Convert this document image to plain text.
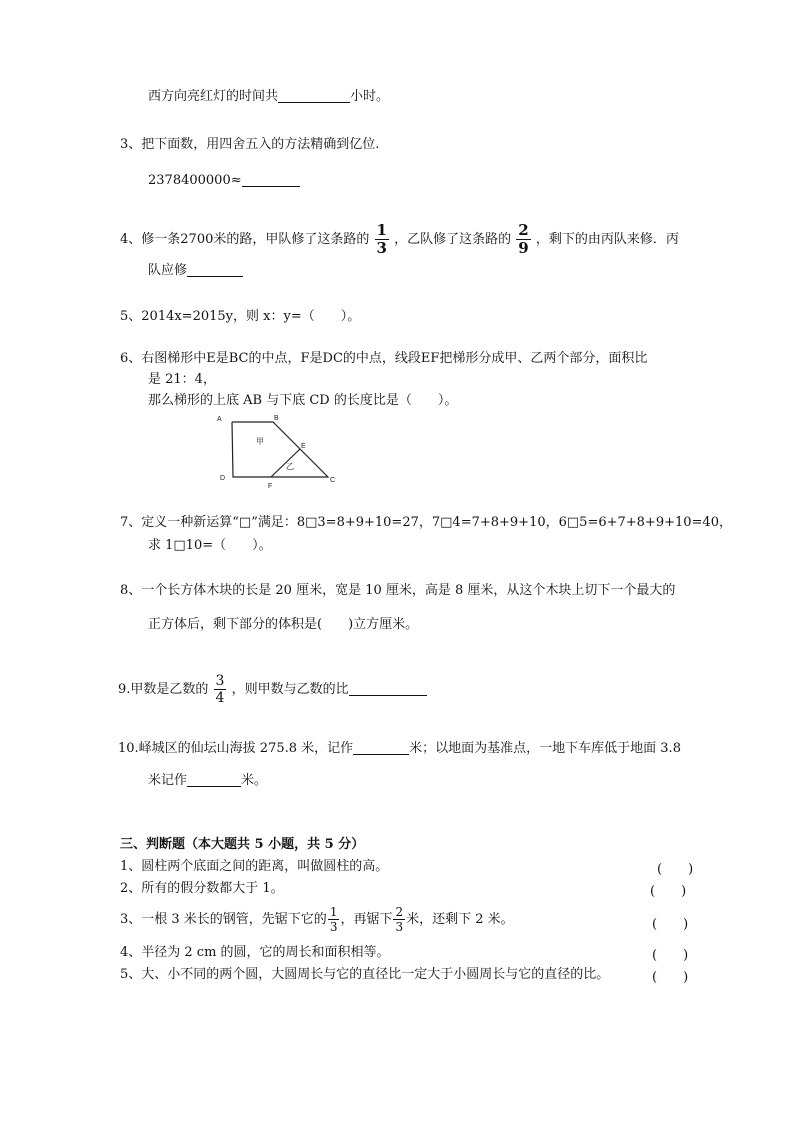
西方向亮红灯的时间共	小时。
3、把下面数，用四舍五入的方法精确到亿位.
2378400000≈
4、修一条2700米的路，甲队修了这条路的 $\frac{1}{3}$ ，乙队修了这条路的 $\frac{2}{9}$ ，剩下的由丙队来修．丙
队应修
5、2014x=2015y，则 x：y=（　　）。
6、右图梯形中E是BC的中点，F是DC的中点，线段EF把梯形分成甲、乙两个部分，面积比
是 21：4，
那么梯形的上底 AB 与下底 CD 的长度比是（　　）。
A	B
C
D
E
F
甲
乙
7、定义一种新运算“□”满足：8□3=8+9+10=27，7□4=7+8+9+10，6□5=6+7+8+9+10=40，
求 1□10=（　　）。
8、一个长方体木块的长是 20 厘米，宽是 10 厘米，高是 8 厘米，从这个木块上切下一个最大的
正方体后，剩下部分的体积是(　　)立方厘米。
9.甲数是乙数的 $\frac{3}{4}$ ，则甲数与乙数的比
10.峄城区的仙坛山海拔 275.8 米，记作	米；以地面为基准点，一地下车库低于地面 3.8
米记作	米。
三、判断题（本大题共 5 小题，共 5 分）
1、圆柱两个底面之间的距离，叫做圆柱的高。	(　　)
2、所有的假分数都大于 1。	(　　)
3、一根 3 米长的钢管，先锯下它的 $\frac{1}{3}$ ，再锯下 $\frac{2}{3}$ 米，还剩下 2 米。	(　　)
4、半径为 2 cm 的圆，它的周长和面积相等。	(　　)
5、大、小不同的两个圆，大圆周长与它的直径比一定大于小圆周长与它的直径的比。	(　　)
